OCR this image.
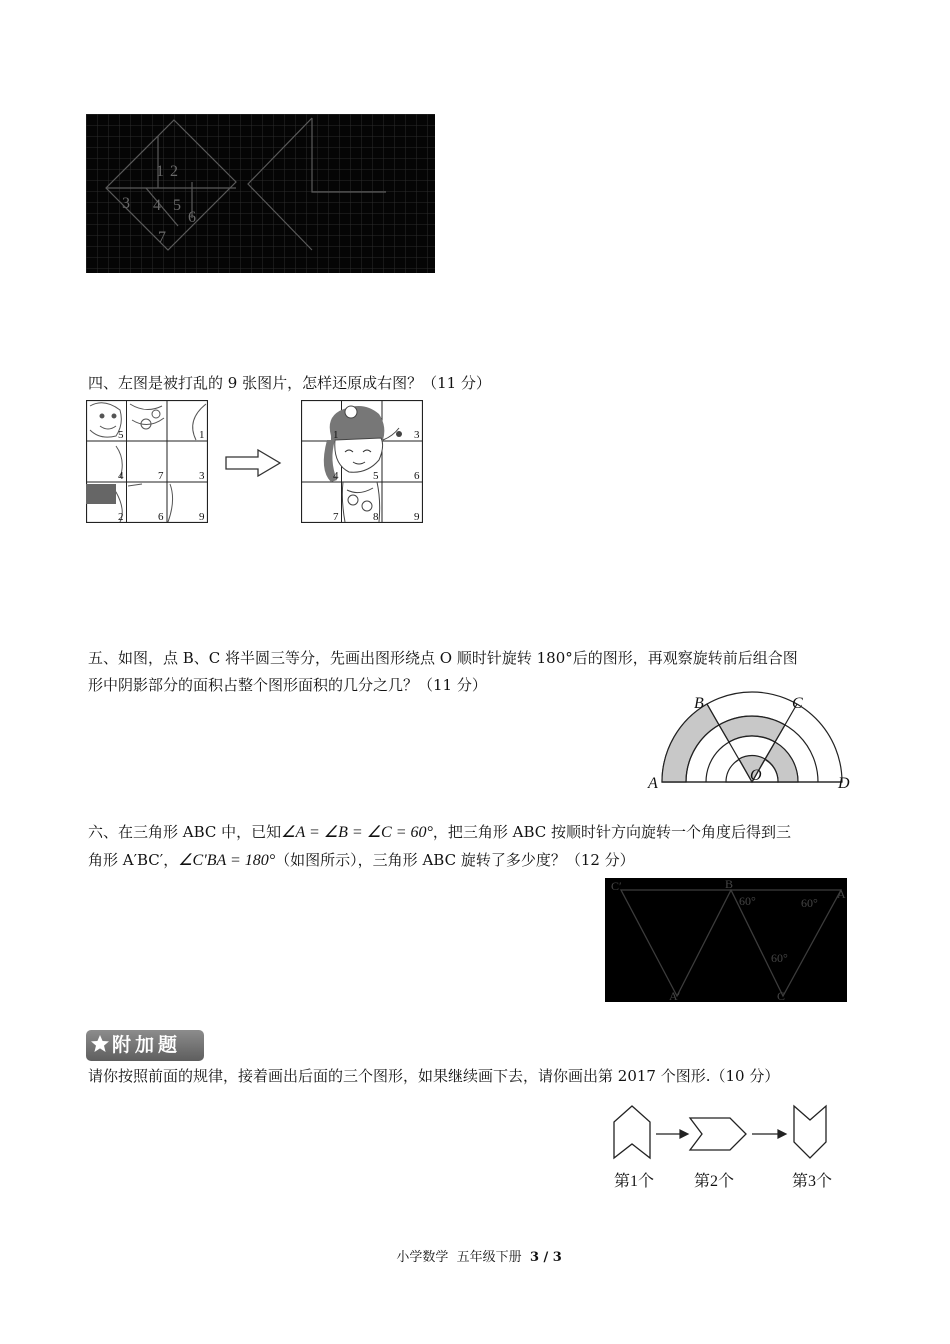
1 2
3 4 5
6
7
四、左图是被打乱的 9 张图片，怎样还原成右图？（11 分）
5	1
4	7	3
2	6	9
1	3
4	5	6
7	8	9
五、如图，点 B、C 将半圆三等分，先画出图形绕点 O 顺时针旋转 180°后的图形，再观察旋转前后组合图
形中阴影部分的面积占整个图形面积的几分之几？（11 分）
A
B	C
D
O
六、在三角形 ABC 中，已知∠A = ∠B = ∠C = 60°，把三角形 ABC 按顺时针方向旋转一个角度后得到三
角形 A′BC′，∠C′BA = 180°（如图所示），三角形 ABC 旋转了多少度？（12 分）
C′	B
A
A′	C
60°	60°
60°
附加题
请你按照前面的规律，接着画出后面的三个图形，如果继续画下去，请你画出第 2017 个图形.（10 分）
第1个 第2个	第3个

小学数学  五年级下册  3 / 3
